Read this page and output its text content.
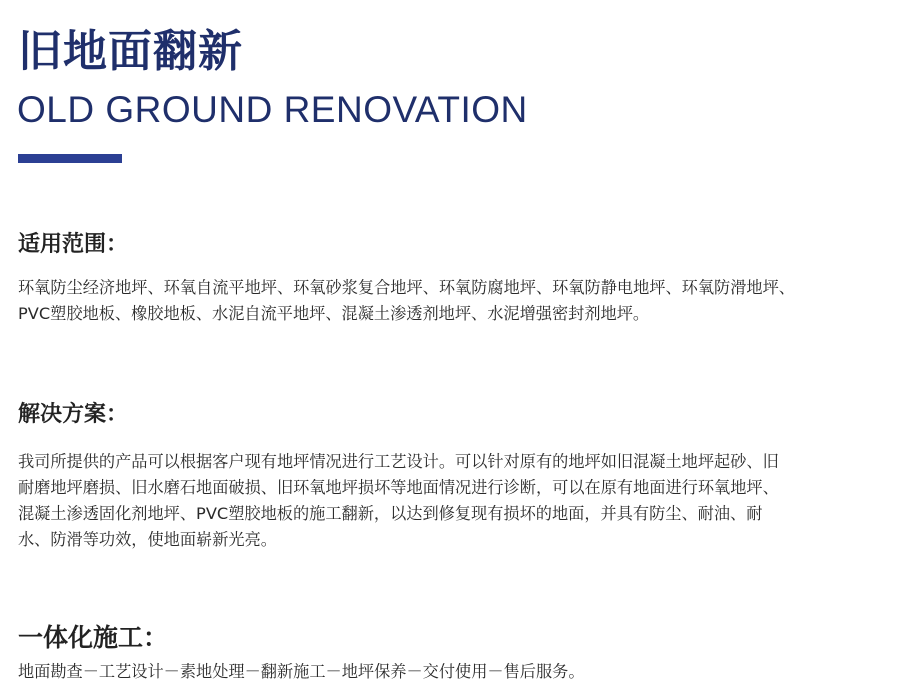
旧地面翻新
OLD GROUND RENOVATION
适用范围：
环氧防尘经济地坪、环氧自流平地坪、环氧砂浆复合地坪、环氧防腐地坪、环氧防静电地坪、环氧防滑地坪、
PVC塑胶地板、橡胶地板、水泥自流平地坪、混凝土渗透剂地坪、水泥增强密封剂地坪。
解决方案：
我司所提供的产品可以根据客户现有地坪情况进行工艺设计。可以针对原有的地坪如旧混凝土地坪起砂、旧
耐磨地坪磨损、旧水磨石地面破损、旧环氧地坪损坏等地面情况进行诊断，可以在原有地面进行环氧地坪、
混凝土渗透固化剂地坪、PVC塑胶地板的施工翻新，以达到修复现有损坏的地面，并具有防尘、耐油、耐
水、防滑等功效，使地面崭新光亮。
一体化施工：
地面勘查－工艺设计－素地处理－翻新施工－地坪保养－交付使用－售后服务。
